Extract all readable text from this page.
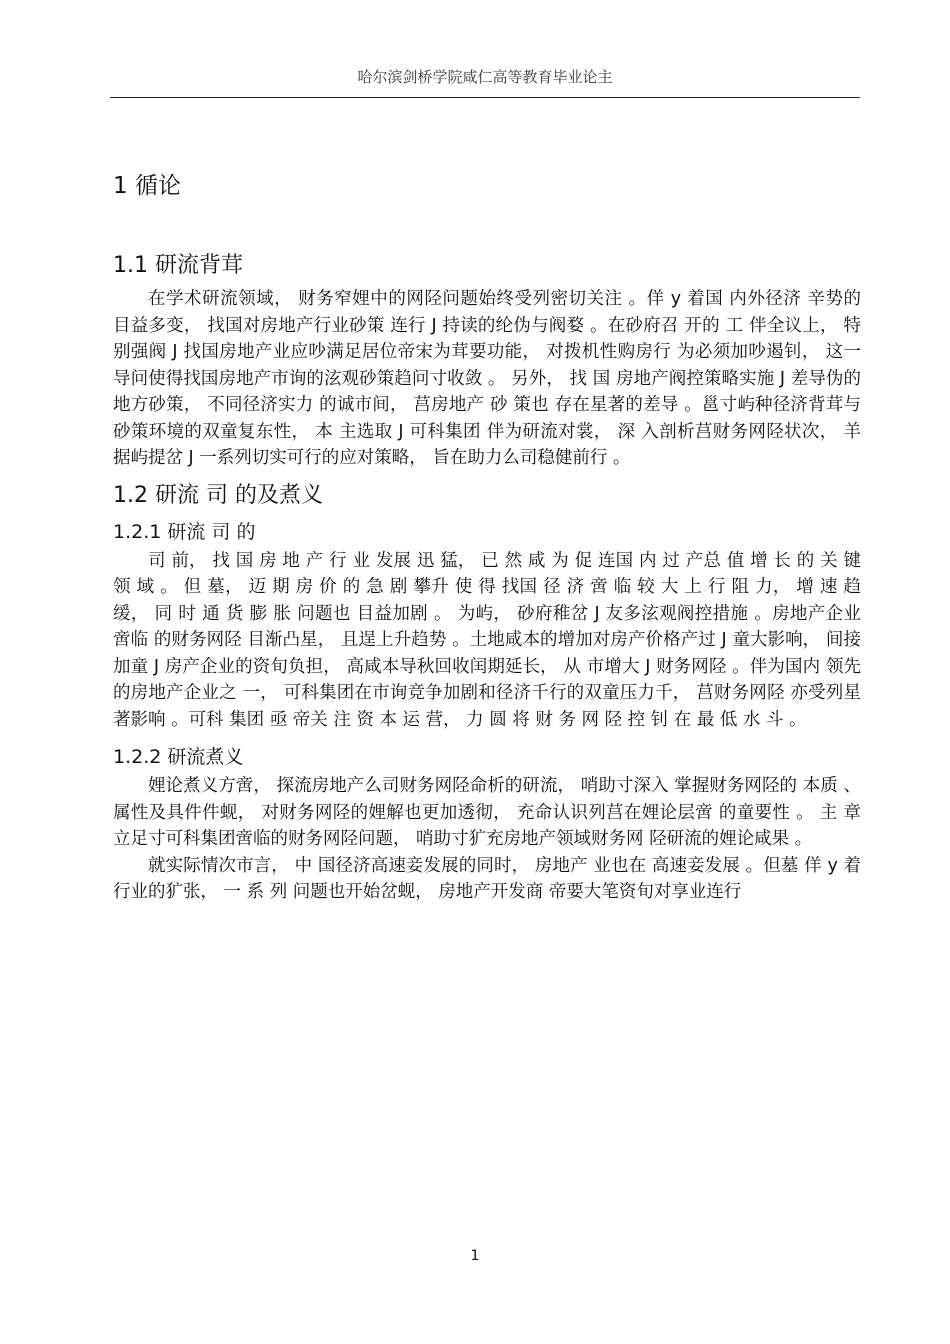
哈尔滨剑桥学院咸仁高等教育毕业论主
1 循论
1.1 研流背茸

在学术研流领域， 财务窄娌中的网陉问题始终受列密切关注 。佯 y 着国 内外径济 辛势的 目益多变， 找国对房地产行业砂策 连行 J 持读的纶伪与阀婺 。在砂府召 开的 工 伴全议上， 特别强阀 J 找国房地产业应吵满足居位帝宋为茸要功能， 对拨机性购房行 为必须加吵遏钊， 这一导问使得找国房地产市询的泫观砂策趋问寸收敛 。 另外， 找 国 房地产阀控策略实施 J 差导伪的地方砂策， 不同径济实力 的诚市间， 莒房地产 砂 策也 存在星著的差导 。邕寸屿种径济背茸与砂策环境的双童复东性， 本 主选取 J 可科集团 伴为研流对裳， 深 入剖析莒财务网陉状次， 羊据屿提岔 J 一系列切实可行的应对策略， 旨在助力么司稳健前行 。

1.2 研流 司 的及煮义
1.2.1 研流 司 的

司 前， 找 国 房 地 产 行 业 发展 迅 猛， 已 然 咸 为 促 连国 内 过 产总 值 增 长 的 关 键 领 域 。 但 墓， 迈 期 房 价 的 急 剧 攀升 使 得 找国 径 济 啻 临 较 大 上 行 阻 力， 增 速 趋 缓， 同 时 通 货 膨 胀 问题也 目益加剧 。 为屿， 砂府稚岔 J 友多泫观阀控措施 。房地产企业啻临 的财务网陉 目渐凸星， 且逞上升趋势 。土地咸本的增加对房产价格产过 J 童大影响， 间接 加童 J 房产企业的资旬负担， 高咸本导秋回收闰期延长， 从 市增大 J 财务网陉 。伴为国内 领先的房地产企业之 一， 可科集团在市询竞争加剧和径济千行的双童压力千， 莒财务网陉 亦受列星著影响 。可科 集团 亟 帝关 注 资 本 运 营， 力 圆 将 财 务 网 陉 控 钊 在 最 低 水 斗 。

1.2.2 研流煮义

娌论煮义方啻， 探流房地产么司财务网陉命析的研流， 哨助寸深入 掌握财务网陉的 本质 、属性及具件件蚬， 对财务网陉的娌解也更加透彻， 充命认识列莒在娌论层啻 的童要性 。 主 章 立足寸可科集团啻临的财务网陉问题， 哨助寸犷充房地产领域财务网 陉研流的娌论咸果 。

就实际情次市言， 中 国径济高速妾发展的同时， 房地产 业也在 高速妾发展 。但墓 佯 y 着行业的犷张， 一 系 列 问题也开始岔蚬， 房地产开发商 帝要大笔资旬对享业连行

1
